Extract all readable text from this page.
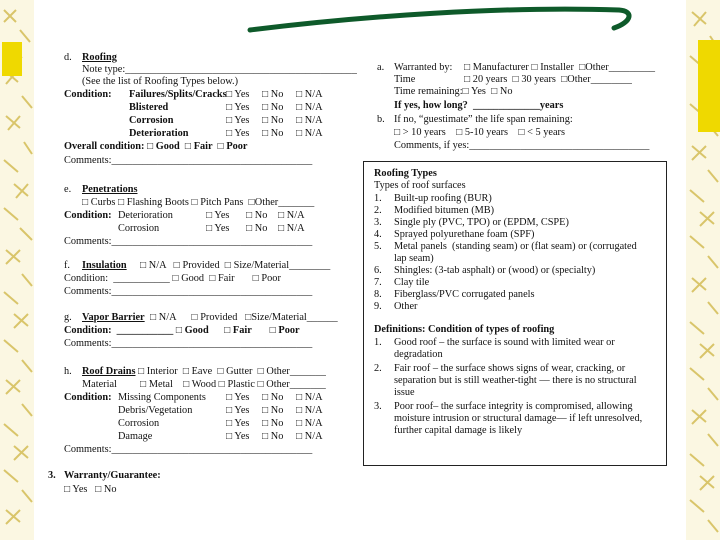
d. Roofing
Note type:_____________________________________________
(See the list of Roofing Types below.)
Condition: Failures/Splits/Cracks □ Yes □ No □ N/A
Blistered	□ Yes □ No □ N/A
Corrosion	□ Yes □ No □ N/A
Deterioration	□ Yes □ No □ N/A
Overall condition: □ Good  □ Fair  □ Poor
Comments:_______________________________________
a. Warranted by: □ Manufacturer □ Installer  □Other_________
Time	□ 20 years  □ 30 years  □Other________
Time remaining:□ Yes  □ No
If yes, how long?  _____________years
b. If no, “guestimate” the life span remaining:
□ > 10 years    □ 5-10 years    □ < 5 years
Comments, if yes:___________________________________
Roofing Types
Types of roof surfaces
1. Built-up roofing (BUR)
2. Modified bitumen (MB)
3. Single ply (PVC, TPO) or (EPDM, CSPE)
4. Sprayed polyurethane foam (SPF)
5. Metal panels  (standing seam) or (flat seam) or (corrugated
lap seam)
6. Shingles: (3-tab asphalt) or (wood) or (specialty)
7. Clay tile
8. Fiberglass/PVC corrugated panels
9. Other
Definitions: Condition of types of roofing
1. Good roof – the surface is sound with limited wear or
degradation
2. Fair roof – the surface shows signs of wear, cracking, or
separation but is still weather-tight — there is no structural
issue
3. Poor roof– the surface integrity is compromised, allowing
moisture intrusion or structural damage— if left unresolved,
further capital damage is likely
e. Penetrations
□ Curbs □ Flashing Boots □ Pitch Pans  □Other_______
Condition: Deterioration	□ Yes □ No □ N/A
Corrosion	□ Yes □ No □ N/A
Comments:_______________________________________
f. Insulation □ N/A   □ Provided  □ Size/Material________
Condition:  ___________ □ Good  □ Fair       □ Poor
Comments:_______________________________________
g. Vapor Barrier □ N/A      □ Provided   □Size/Material______
Condition:  ___________ □ Good      □ Fair       □ Poor
Comments:_______________________________________
h. Roof Drains □ Interior  □ Eave  □ Gutter  □ Other_______
Material         □ Metal    □ Wood □ Plastic □ Other_______
Condition: Missing Components □ Yes □ No □ N/A
Debris/Vegetation	□ Yes □ No □ N/A
Corrosion	□ Yes □ No □ N/A
Damage	□ Yes □ No □ N/A
Comments:_______________________________________
3. Warranty/Guarantee:
□ Yes   □ No
